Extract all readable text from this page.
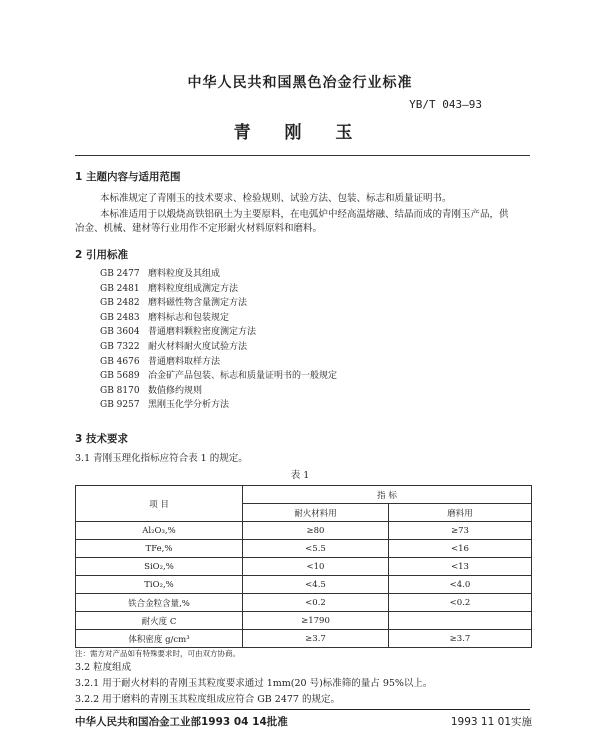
中华人民共和国黑色冶金行业标准
YB/T 043—93
青 刚 玉
1 主题内容与适用范围
本标准规定了青刚玉的技术要求、检验规则、试验方法、包装、标志和质量证明书。
本标准适用于以煅烧高铁铝矾土为主要原料，在电弧炉中经高温熔融、结晶而成的青刚玉产品，供
冶金、机械、建材等行业用作不定形耐火材料原料和磨料。
2 引用标准
GB 2477 磨料粒度及其组成
GB 2481 磨料粒度组成测定方法
GB 2482 磨料磁性物含量测定方法
GB 2483 磨料标志和包装规定
GB 3604 普通磨料颗粒密度测定方法
GB 7322 耐火材料耐火度试验方法
GB 4676 普通磨料取样方法
GB 5689 冶金矿产品包装、标志和质量证明书的一般规定
GB 8170 数值修约规则
GB 9257 黑刚玉化学分析方法
3 技术要求
3.1 青刚玉理化指标应符合表 1 的规定。
表 1
项 目	指 标	
	耐火材料用	磨料用
Al₂O₃,%	≥80	≥73
TFe,%	<5.5	<16
SiO₂,%	<10	<13
TiO₂,%	<4.5	<4.0
铁合金粒含量,%	<0.2	<0.2
耐火度 C	≥1790	
体积密度 g/cm³	≥3.7	≥3.7
注：需方对产品如有特殊要求时，可由双方协商。
3.2 粒度组成
3.2.1 用于耐火材料的青刚玉其粒度要求通过 1mm(20 号)标准筛的量占 95%以上。
3.2.2 用于磨料的青刚玉其粒度组成应符合 GB 2477 的规定。
中华人民共和国冶金工业部1993 04 14批准	1993 11 01实施
